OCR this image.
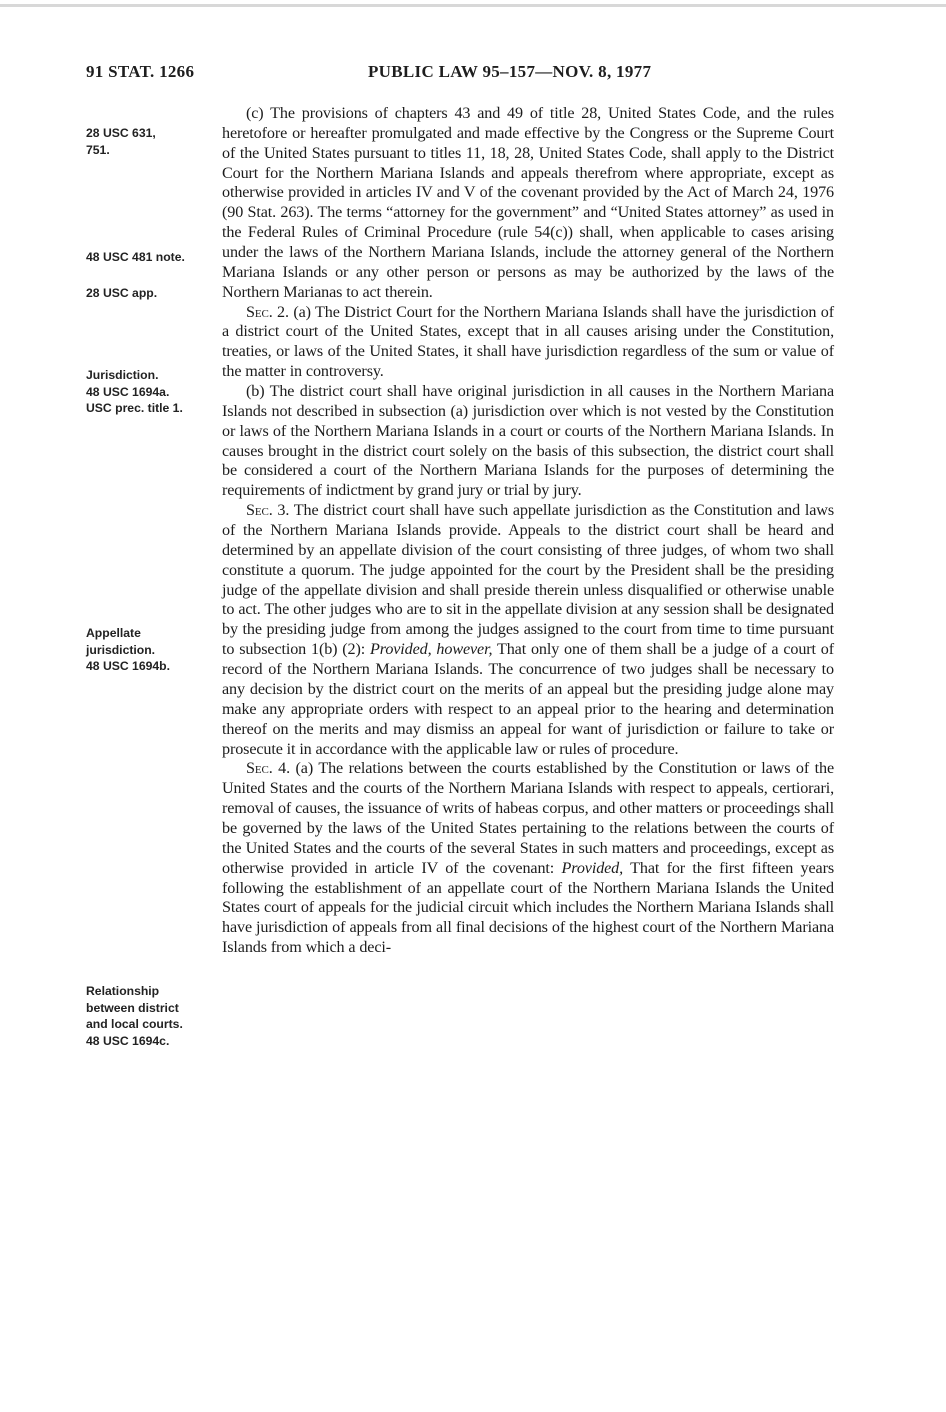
91 STAT. 1266	PUBLIC LAW 95–157—NOV. 8, 1977
28 USC 631,
751.
48 USC 481 note.
28 USC app.
Jurisdiction.
48 USC 1694a.
USC prec. title 1.
Appellate
jurisdiction.
48 USC 1694b.
Relationship
between district
and local courts.
48 USC 1694c.

(c) The provisions of chapters 43 and 49 of title 28, United States Code, and the rules heretofore or hereafter promulgated and made effective by the Congress or the Supreme Court of the United States pursuant to titles 11, 18, 28, United States Code, shall apply to the District Court for the Northern Mariana Islands and appeals therefrom where appropriate, except as otherwise provided in articles IV and V of the covenant provided by the Act of March 24, 1976 (90 Stat. 263). The terms “attorney for the government” and “United States attorney” as used in the Federal Rules of Criminal Procedure (rule 54(c)) shall, when applicable to cases arising under the laws of the Northern Mariana Islands, include the attorney general of the Northern Mariana Islands or any other person or persons as may be authorized by the laws of the Northern Marianas to act therein.

Sec. 2. (a) The District Court for the Northern Mariana Islands shall have the jurisdiction of a district court of the United States, except that in all causes arising under the Constitution, treaties, or laws of the United States, it shall have jurisdiction regardless of the sum or value of the matter in controversy.

(b) The district court shall have original jurisdiction in all causes in the Northern Mariana Islands not described in subsection (a) jurisdiction over which is not vested by the Constitution or laws of the Northern Mariana Islands in a court or courts of the Northern Mariana Islands. In causes brought in the district court solely on the basis of this subsection, the district court shall be considered a court of the Northern Mariana Islands for the purposes of determining the requirements of indictment by grand jury or trial by jury.

Sec. 3. The district court shall have such appellate jurisdiction as the Constitution and laws of the Northern Mariana Islands provide. Appeals to the district court shall be heard and determined by an appellate division of the court consisting of three judges, of whom two shall constitute a quorum. The judge appointed for the court by the President shall be the presiding judge of the appellate division and shall preside therein unless disqualified or otherwise unable to act. The other judges who are to sit in the appellate division at any session shall be designated by the presiding judge from among the judges assigned to the court from time to time pursuant to subsection 1(b) (2): Provided, however, That only one of them shall be a judge of a court of record of the Northern Mariana Islands. The concurrence of two judges shall be necessary to any decision by the district court on the merits of an appeal but the presiding judge alone may make any appropriate orders with respect to an appeal prior to the hearing and determination thereof on the merits and may dismiss an appeal for want of jurisdiction or failure to take or prosecute it in accordance with the applicable law or rules of procedure.

Sec. 4. (a) The relations between the courts established by the Constitution or laws of the United States and the courts of the Northern Mariana Islands with respect to appeals, certiorari, removal of causes, the issuance of writs of habeas corpus, and other matters or proceedings shall be governed by the laws of the United States pertaining to the relations between the courts of the United States and the courts of the several States in such matters and proceedings, except as otherwise provided in article IV of the covenant: Provided, That for the first fifteen years following the establishment of an appellate court of the Northern Mariana Islands the United States court of appeals for the judicial circuit which includes the Northern Mariana Islands shall have jurisdiction of appeals from all final decisions of the highest court of the Northern Mariana Islands from which a deci-
